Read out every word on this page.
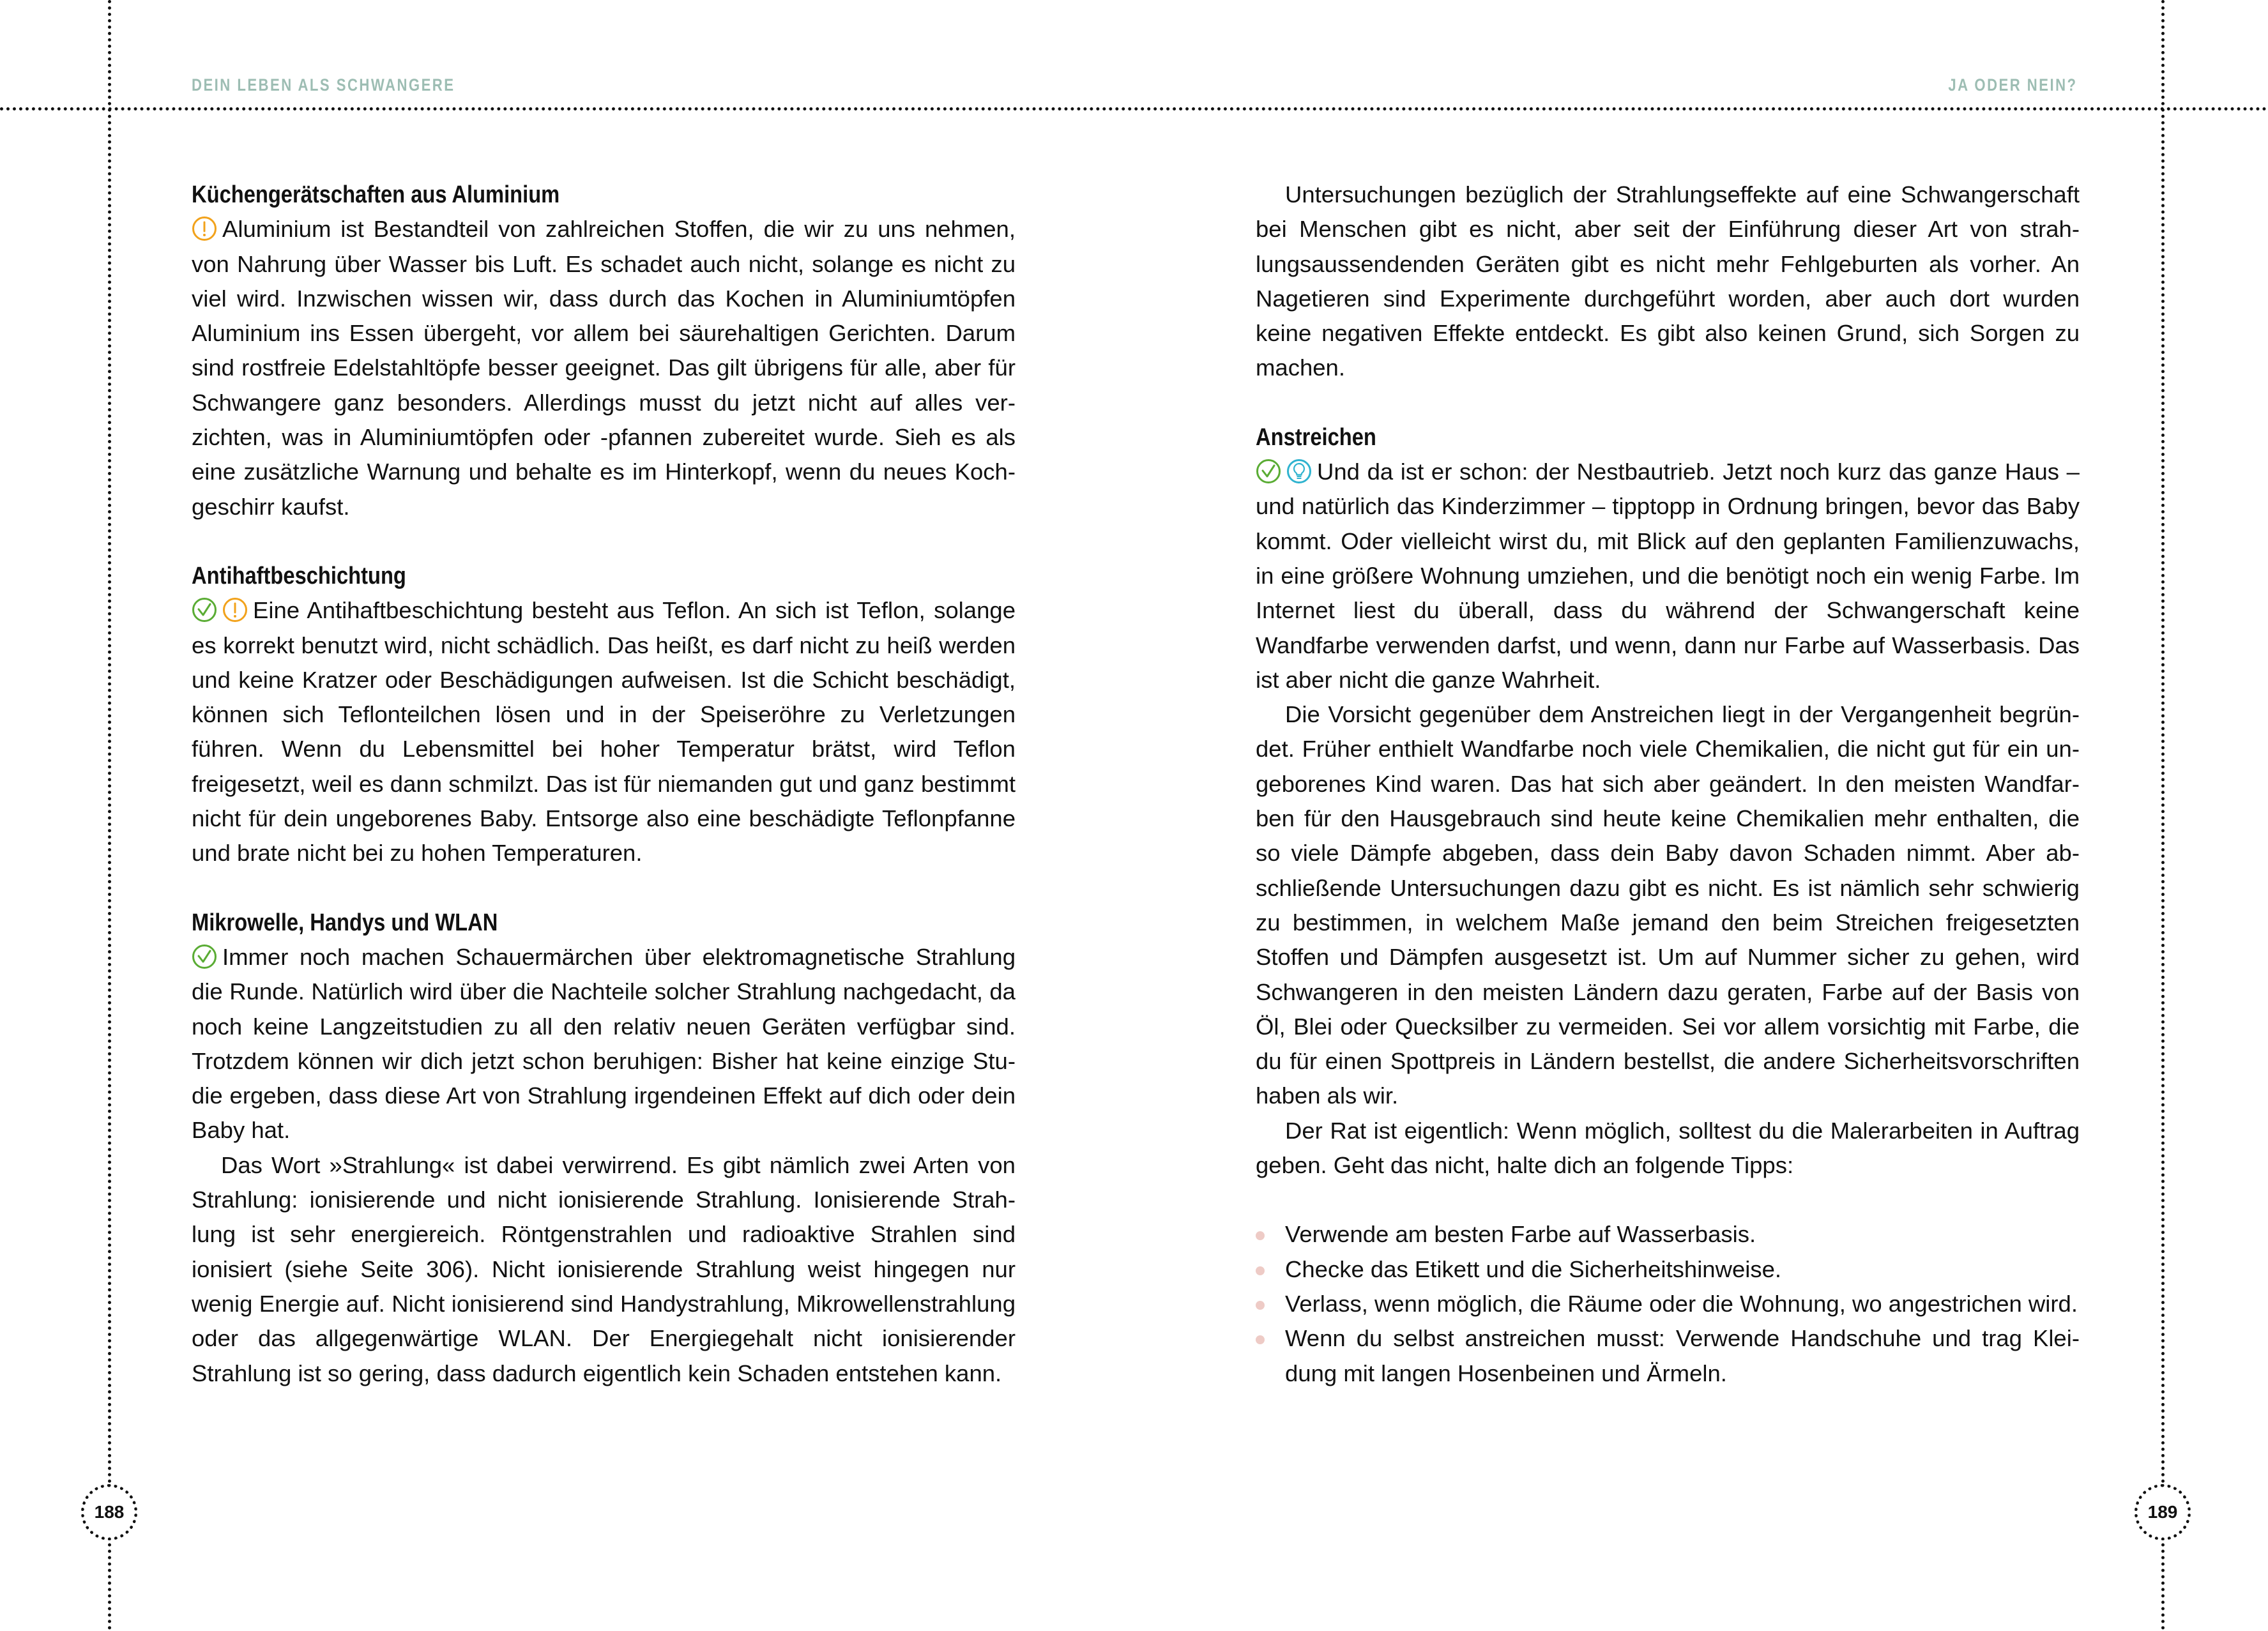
DEIN LEBEN ALS SCHWANGERE	JA ODER NEIN?
Küchengerätschaften aus Aluminium

Aluminium ist Bestandteil von zahlreichen Stoffen, die wir zu uns nehmen, von Nahrung über Wasser bis Luft. Es schadet auch nicht, solange es nicht zu viel wird. Inzwischen wissen wir, dass durch das Kochen in Aluminiumtöpfen Aluminium ins Essen übergeht, vor allem bei säurehaltigen Gerichten. Darum sind rostfreie Edelstahltöpfe besser geeignet. Das gilt übrigens für alle, aber für Schwangere ganz besonders. Allerdings musst du jetzt nicht auf alles verzichten, was in Aluminiumtöpfen oder -pfannen zubereitet wurde. Sieh es als eine zusätzliche Warnung und behalte es im Hinterkopf, wenn du neues Kochgeschirr kaufst.

Antihaftbeschichtung

Eine Antihaftbeschichtung besteht aus Teflon. An sich ist Teflon, solange es korrekt benutzt wird, nicht schädlich. Das heißt, es darf nicht zu heiß werden und keine Kratzer oder Beschädigungen aufweisen. Ist die Schicht beschädigt, können sich Teflonteilchen lösen und in der Speiseröhre zu Verletzungen führen. Wenn du Lebensmittel bei hoher Temperatur brätst, wird Teflon freigesetzt, weil es dann schmilzt. Das ist für niemanden gut und ganz bestimmt nicht für dein ungeborenes Baby. Entsorge also eine beschädigte Teflonpfanne und brate nicht bei zu hohen Temperaturen.

Mikrowelle, Handys und WLAN

Immer noch machen Schauermärchen über elektromagnetische Strahlung die Runde. Natürlich wird über die Nachteile solcher Strahlung nachgedacht, da noch keine Langzeitstudien zu all den relativ neuen Geräten verfügbar sind. Trotzdem können wir dich jetzt schon beruhigen: Bisher hat keine einzige Studie ergeben, dass diese Art von Strahlung irgendeinen Effekt auf dich oder dein Baby hat.

Das Wort »Strahlung« ist dabei verwirrend. Es gibt nämlich zwei Arten von Strahlung: ionisierende und nicht ionisierende Strahlung. Ionisierende Strahlung ist sehr energiereich. Röntgenstrahlen und radioaktive Strahlen sind ionisiert (siehe Seite 306). Nicht ionisierende Strahlung weist hingegen nur wenig Energie auf. Nicht ionisierend sind Handystrahlung, Mikrowellenstrahlung oder das allgegenwärtige WLAN. Der Energiegehalt nicht ionisierender Strahlung ist so gering, dass dadurch eigentlich kein Schaden entstehen kann.

Untersuchungen bezüglich der Strahlungseffekte auf eine Schwangerschaft bei Menschen gibt es nicht, aber seit der Einführung dieser Art von strahlungsaussendenden Geräten gibt es nicht mehr Fehlgeburten als vorher. An Nagetieren sind Experimente durchgeführt worden, aber auch dort wurden keine negativen Effekte entdeckt. Es gibt also keinen Grund, sich Sorgen zu machen.

Anstreichen

Und da ist er schon: der Nestbautrieb. Jetzt noch kurz das ganze Haus – und natürlich das Kinderzimmer – tipptopp in Ordnung bringen, bevor das Baby kommt. Oder vielleicht wirst du, mit Blick auf den geplanten Familienzuwachs, in eine größere Wohnung umziehen, und die benötigt noch ein wenig Farbe. Im Internet liest du überall, dass du während der Schwangerschaft keine Wandfarbe verwenden darfst, und wenn, dann nur Farbe auf Wasserbasis. Das ist aber nicht die ganze Wahrheit.

Die Vorsicht gegenüber dem Anstreichen liegt in der Vergangenheit begründet. Früher enthielt Wandfarbe noch viele Chemikalien, die nicht gut für ein ungeborenes Kind waren. Das hat sich aber geändert. In den meisten Wandfarben für den Hausgebrauch sind heute keine Chemikalien mehr enthalten, die so viele Dämpfe abgeben, dass dein Baby davon Schaden nimmt. Aber abschließende Untersuchungen dazu gibt es nicht. Es ist nämlich sehr schwierig zu bestimmen, in welchem Maße jemand den beim Streichen freigesetzten Stoffen und Dämpfen ausgesetzt ist. Um auf Nummer sicher zu gehen, wird Schwangeren in den meisten Ländern dazu geraten, Farbe auf der Basis von Öl, Blei oder Quecksilber zu vermeiden. Sei vor allem vorsichtig mit Farbe, die du für einen Spottpreis in Ländern bestellst, die andere Sicherheitsvorschriften haben als wir.

Der Rat ist eigentlich: Wenn möglich, solltest du die Malerarbeiten in Auftrag geben. Geht das nicht, halte dich an folgende Tipps:

Verwende am besten Farbe auf Wasserbasis.
Checke das Etikett und die Sicherheitshinweise.
Verlass, wenn möglich, die Räume oder die Wohnung, wo angestrichen wird.
Wenn du selbst anstreichen musst: Verwende Handschuhe und trag Kleidung mit langen Hosenbeinen und Ärmeln.
188	189
